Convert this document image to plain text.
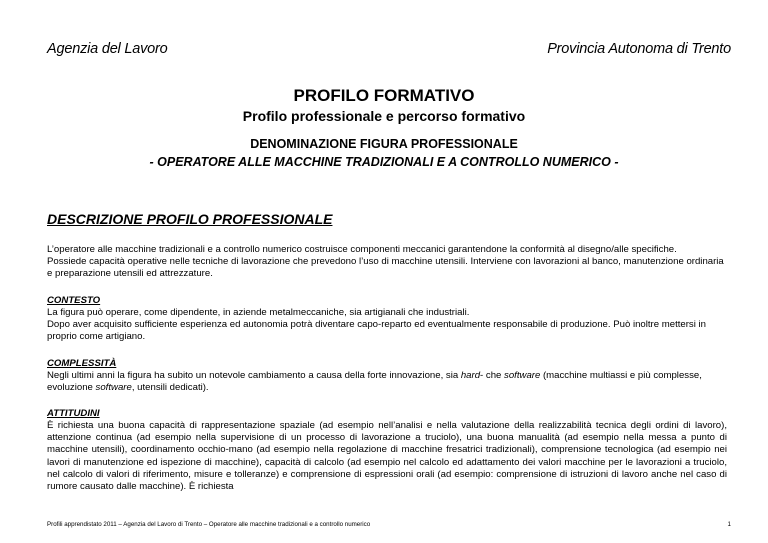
Agenzia del Lavoro	Provincia Autonoma di Trento
PROFILO FORMATIVO
Profilo professionale e percorso formativo
DENOMINAZIONE FIGURA PROFESSIONALE
- OPERATORE ALLE MACCHINE TRADIZIONALI E A CONTROLLO NUMERICO -
DESCRIZIONE PROFILO PROFESSIONALE
L’operatore alle macchine tradizionali e a controllo numerico costruisce componenti meccanici garantendone la conformità al disegno/alle specifiche.
Possiede capacità operative nelle tecniche di lavorazione che prevedono l’uso di macchine utensili. Interviene con lavorazioni al banco, manutenzione ordinaria e preparazione utensili ed attrezzature.
CONTESTO
La figura può operare, come dipendente, in aziende metalmeccaniche, sia artigianali che industriali.
Dopo aver acquisito sufficiente esperienza ed autonomia potrà diventare capo-reparto ed eventualmente responsabile di produzione. Può inoltre mettersi in proprio come artigiano.
COMPLESSITÀ
Negli ultimi anni la figura ha subito un notevole cambiamento a causa della forte innovazione, sia hard- che software (macchine multiassi e più complesse, evoluzione software, utensili dedicati).
ATTITUDINI
È richiesta una buona capacità di rappresentazione spaziale (ad esempio nell’analisi e nella valutazione della realizzabilità tecnica degli ordini di lavoro), attenzione continua (ad esempio nella supervisione di un processo di lavorazione a truciolo), una buona manualità (ad esempio nella messa a punto di macchine utensili), coordinamento occhio-mano (ad esempio nella regolazione di macchine fresatrici tradizionali), comprensione tecnologica (ad esempio nei lavori di manutenzione ed ispezione di macchine), capacità di calcolo (ad esempio nel calcolo ed adattamento dei valori macchine per le lavorazioni a truciolo, nel calcolo di valori di riferimento, misure e tolleranze) e comprensione di espressioni orali (ad esempio: comprensione di istruzioni di lavoro anche nel caso di rumore causato dalle macchine). È richiesta
Profili apprendistato 2011 – Agenzia del Lavoro di Trento – Operatore alle macchine tradizionali e a controllo numerico	1
